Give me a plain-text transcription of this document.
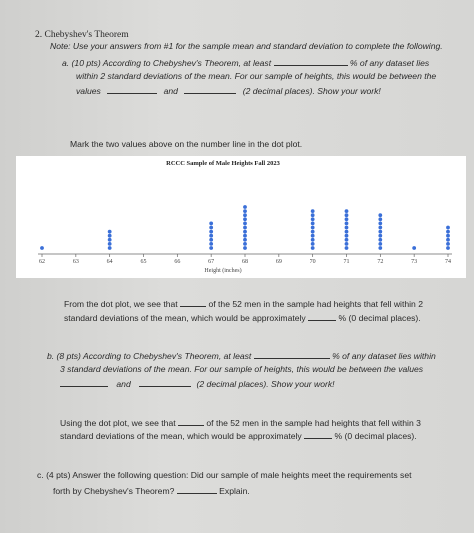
2. Chebyshev's Theorem
Note: Use your answers from #1 for the sample mean and standard deviation to complete the following.
a. (10 pts) According to Chebyshev's Theorem, at least	% of any dataset lies
within 2 standard deviations of the mean. For our sample of heights, this would be between the
values	and	(2 decimal places). Show your work!
Mark the two values above on the number line in the dot plot.
RCCC Sample of Male Heights Fall 2023
62	63	64	65	66	67	68	69	70	71	72	73	74
Height (inches)
From the dot plot, we see that	of the 52 men in the sample had heights that fell within 2
standard deviations of the mean, which would be approximately	% (0 decimal places).
b. (8 pts) According to Chebyshev's Theorem, at least	% of any dataset lies within
3 standard deviations of the mean. For our sample of heights, this would be between the values
and	(2 decimal places). Show your work!
Using the dot plot, we see that	of the 52 men in the sample had heights that fell within 3
standard deviations of the mean, which would be approximately	% (0 decimal places).
c. (4 pts) Answer the following question: Did our sample of male heights meet the requirements set
forth by Chebyshev's Theorem?	Explain.
